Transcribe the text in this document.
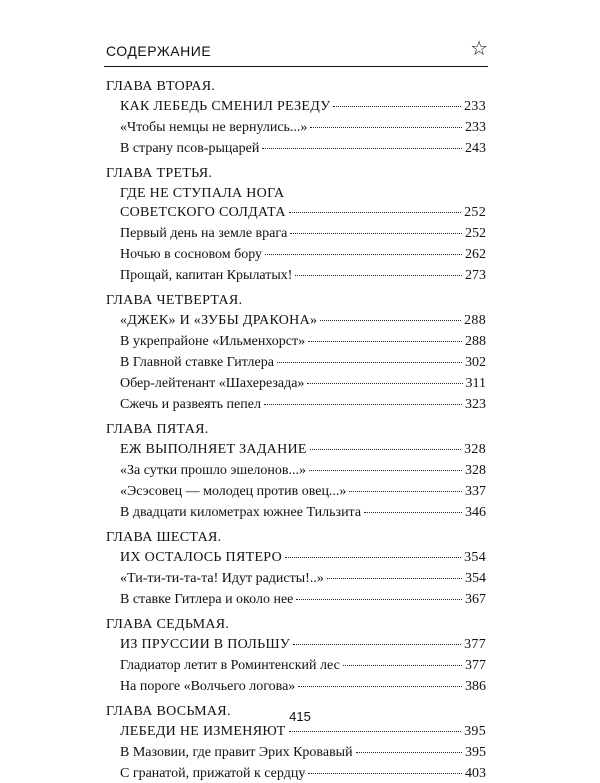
СОДЕРЖАНИЕ	☆
ГЛАВА ВТОРАЯ.
КАК ЛЕБЕДЬ СМЕНИЛ РЕЗЕДУ	233
«Чтобы немцы не вернулись...»	233
В страну псов-рыцарей	243
ГЛАВА ТРЕТЬЯ.
ГДЕ НЕ СТУПАЛА НОГА
СОВЕТСКОГО СОЛДАТА	252
Первый день на земле врага	252
Ночью в сосновом бору	262
Прощай, капитан Крылатых!	273
ГЛАВА ЧЕТВЕРТАЯ.
«ДЖЕК» И «ЗУБЫ ДРАКОНА»	288
В укрепрайоне «Ильменхорст»	288
В Главной ставке Гитлера	302
Обер-лейтенант «Шахерезада»	311
Сжечь и развеять пепел	323
ГЛАВА ПЯТАЯ.
ЕЖ ВЫПОЛНЯЕТ ЗАДАНИЕ	328
«За сутки прошло эшелонов...»	328
«Эсэсовец — молодец против овец...»	337
В двадцати километрах южнее Тильзита	346
ГЛАВА ШЕСТАЯ.
ИХ ОСТАЛОСЬ ПЯТЕРО	354
«Ти-ти-ти-та-та! Идут радисты!..»	354
В ставке Гитлера и около нее	367
ГЛАВА СЕДЬМАЯ.
ИЗ ПРУССИИ В ПОЛЬШУ	377
Гладиатор летит в Роминтенский лес	377
На пороге «Волчьего логова»	386
ГЛАВА ВОСЬМАЯ.
ЛЕБЕДИ НЕ ИЗМЕНЯЮТ	395
В Мазовии, где правит Эрих Кровавый	395
С гранатой, прижатой к сердцу	403
415
